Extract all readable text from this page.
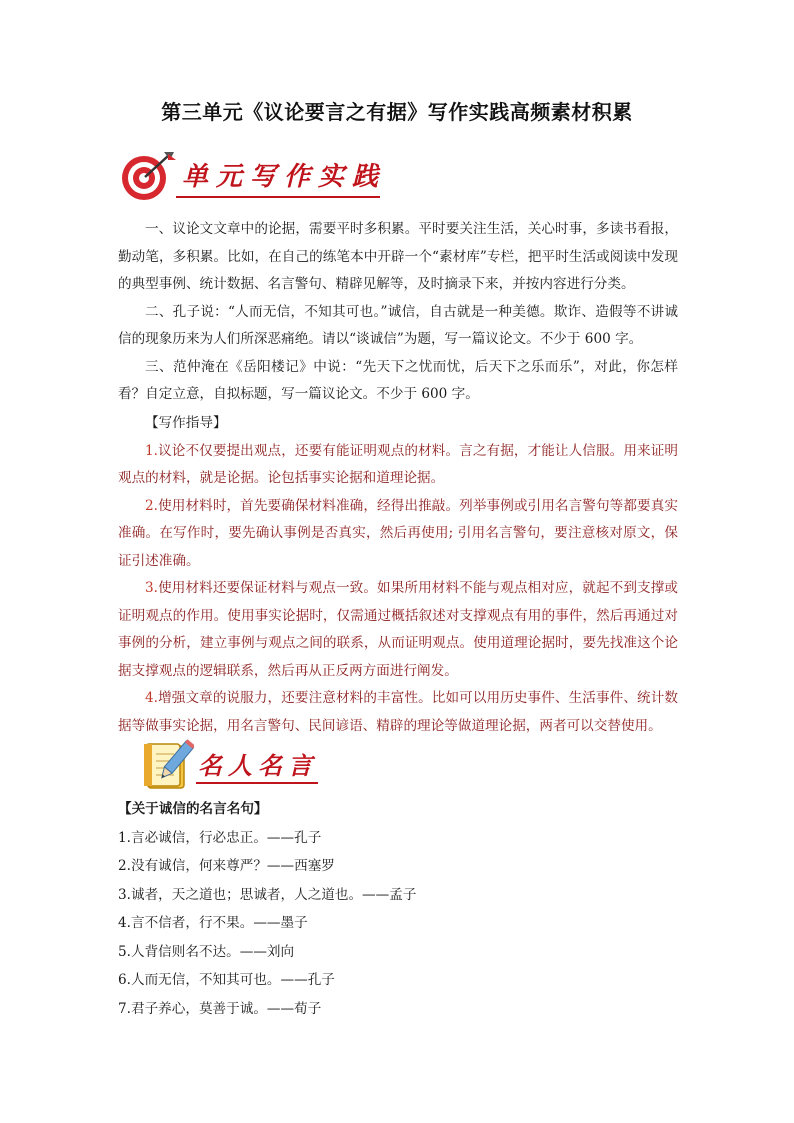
第三单元《议论要言之有据》写作实践高频素材积累
单元写作实践

一、议论文文章中的论据，需要平时多积累。平时要关注生活，关心时事，多读书看报，勤动笔，多积累。比如，在自己的练笔本中开辟一个“素材库”专栏，把平时生活或阅读中发现的典型事例、统计数据、名言警句、精辟见解等，及时摘录下来，并按内容进行分类。

二、孔子说：“人而无信，不知其可也。”诚信，自古就是一种美德。欺诈、造假等不讲诚信的现象历来为人们所深恶痛绝。请以“谈诚信”为题，写一篇议论文。不少于 600 字。

三、范仲淹在《岳阳楼记》中说：“先天下之忧而忧，后天下之乐而乐”，对此，你怎样看？自定立意，自拟标题，写一篇议论文。不少于 600 字。

【写作指导】

1.议论不仅要提出观点，还要有能证明观点的材料。言之有据，才能让人信服。用来证明观点的材料，就是论据。论包括事实论据和道理论据。

2.使用材料时，首先要确保材料准确，经得出推敲。列举事例或引用名言警句等都要真实准确。在写作时，要先确认事例是否真实，然后再使用; 引用名言警句，要注意核对原文，保证引述准确。

3.使用材料还要保证材料与观点一致。如果所用材料不能与观点相对应，就起不到支撑或证明观点的作用。使用事实论据时，仅需通过概括叙述对支撑观点有用的事件，然后再通过对事例的分析，建立事例与观点之间的联系，从而证明观点。使用道理论据时，要先找准这个论据支撑观点的逻辑联系，然后再从正反两方面进行阐发。

4.增强文章的说服力，还要注意材料的丰富性。比如可以用历史事件、生活事件、统计数据等做事实论据，用名言警句、民间谚语、精辟的理论等做道理论据，两者可以交替使用。

名人名言

【关于诚信的名言名句】

1.言必诚信，行必忠正。——孔子

2.没有诚信，何来尊严？——西塞罗

3.诚者，天之道也；思诚者，人之道也。——孟子

4.言不信者，行不果。——墨子

5.人背信则名不达。——刘向

6.人而无信，不知其可也。——孔子

7.君子养心，莫善于诚。——荀子
